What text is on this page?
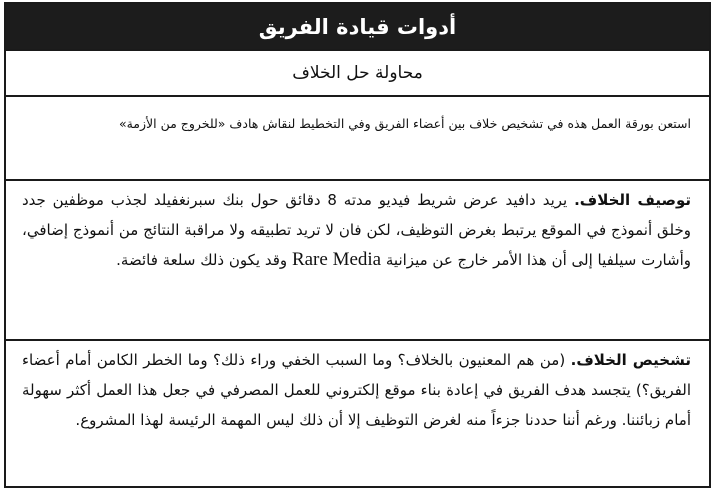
أدوات قيادة الفريق
محاولة حل الخلاف
استعن بورقة العمل هذه في تشخيص خلاف بين أعضاء الفريق وفي التخطيط لنقاش هادف «للخروج من الأزمة»
توصيف الخلاف. يريد دافيد عرض شريط فيديو مدته 8 دقائق حول بنك سبرنغفيلد لجذب موظفين جدد وخلق أنموذج في الموقع يرتبط بغرض التوظيف، لكن فان لا تريد تطبيقه ولا مراقبة النتائج من أنموذج إضافي، وأشارت سيلفيا إلى أن هذا الأمر خارج عن ميزانية Rare Media وقد يكون ذلك سلعة فائضة.
تشخيص الخلاف. (من هم المعنيون بالخلاف؟ وما السبب الخفي وراء ذلك؟ وما الخطر الكامن أمام أعضاء الفريق؟) يتجسد هدف الفريق في إعادة بناء موقع إلكتروني للعمل المصرفي في جعل هذا العمل أكثر سهولة أمام زبائننا. ورغم أننا حددنا جزءاً منه لغرض التوظيف إلا أن ذلك ليس المهمة الرئيسة لهذا المشروع.
